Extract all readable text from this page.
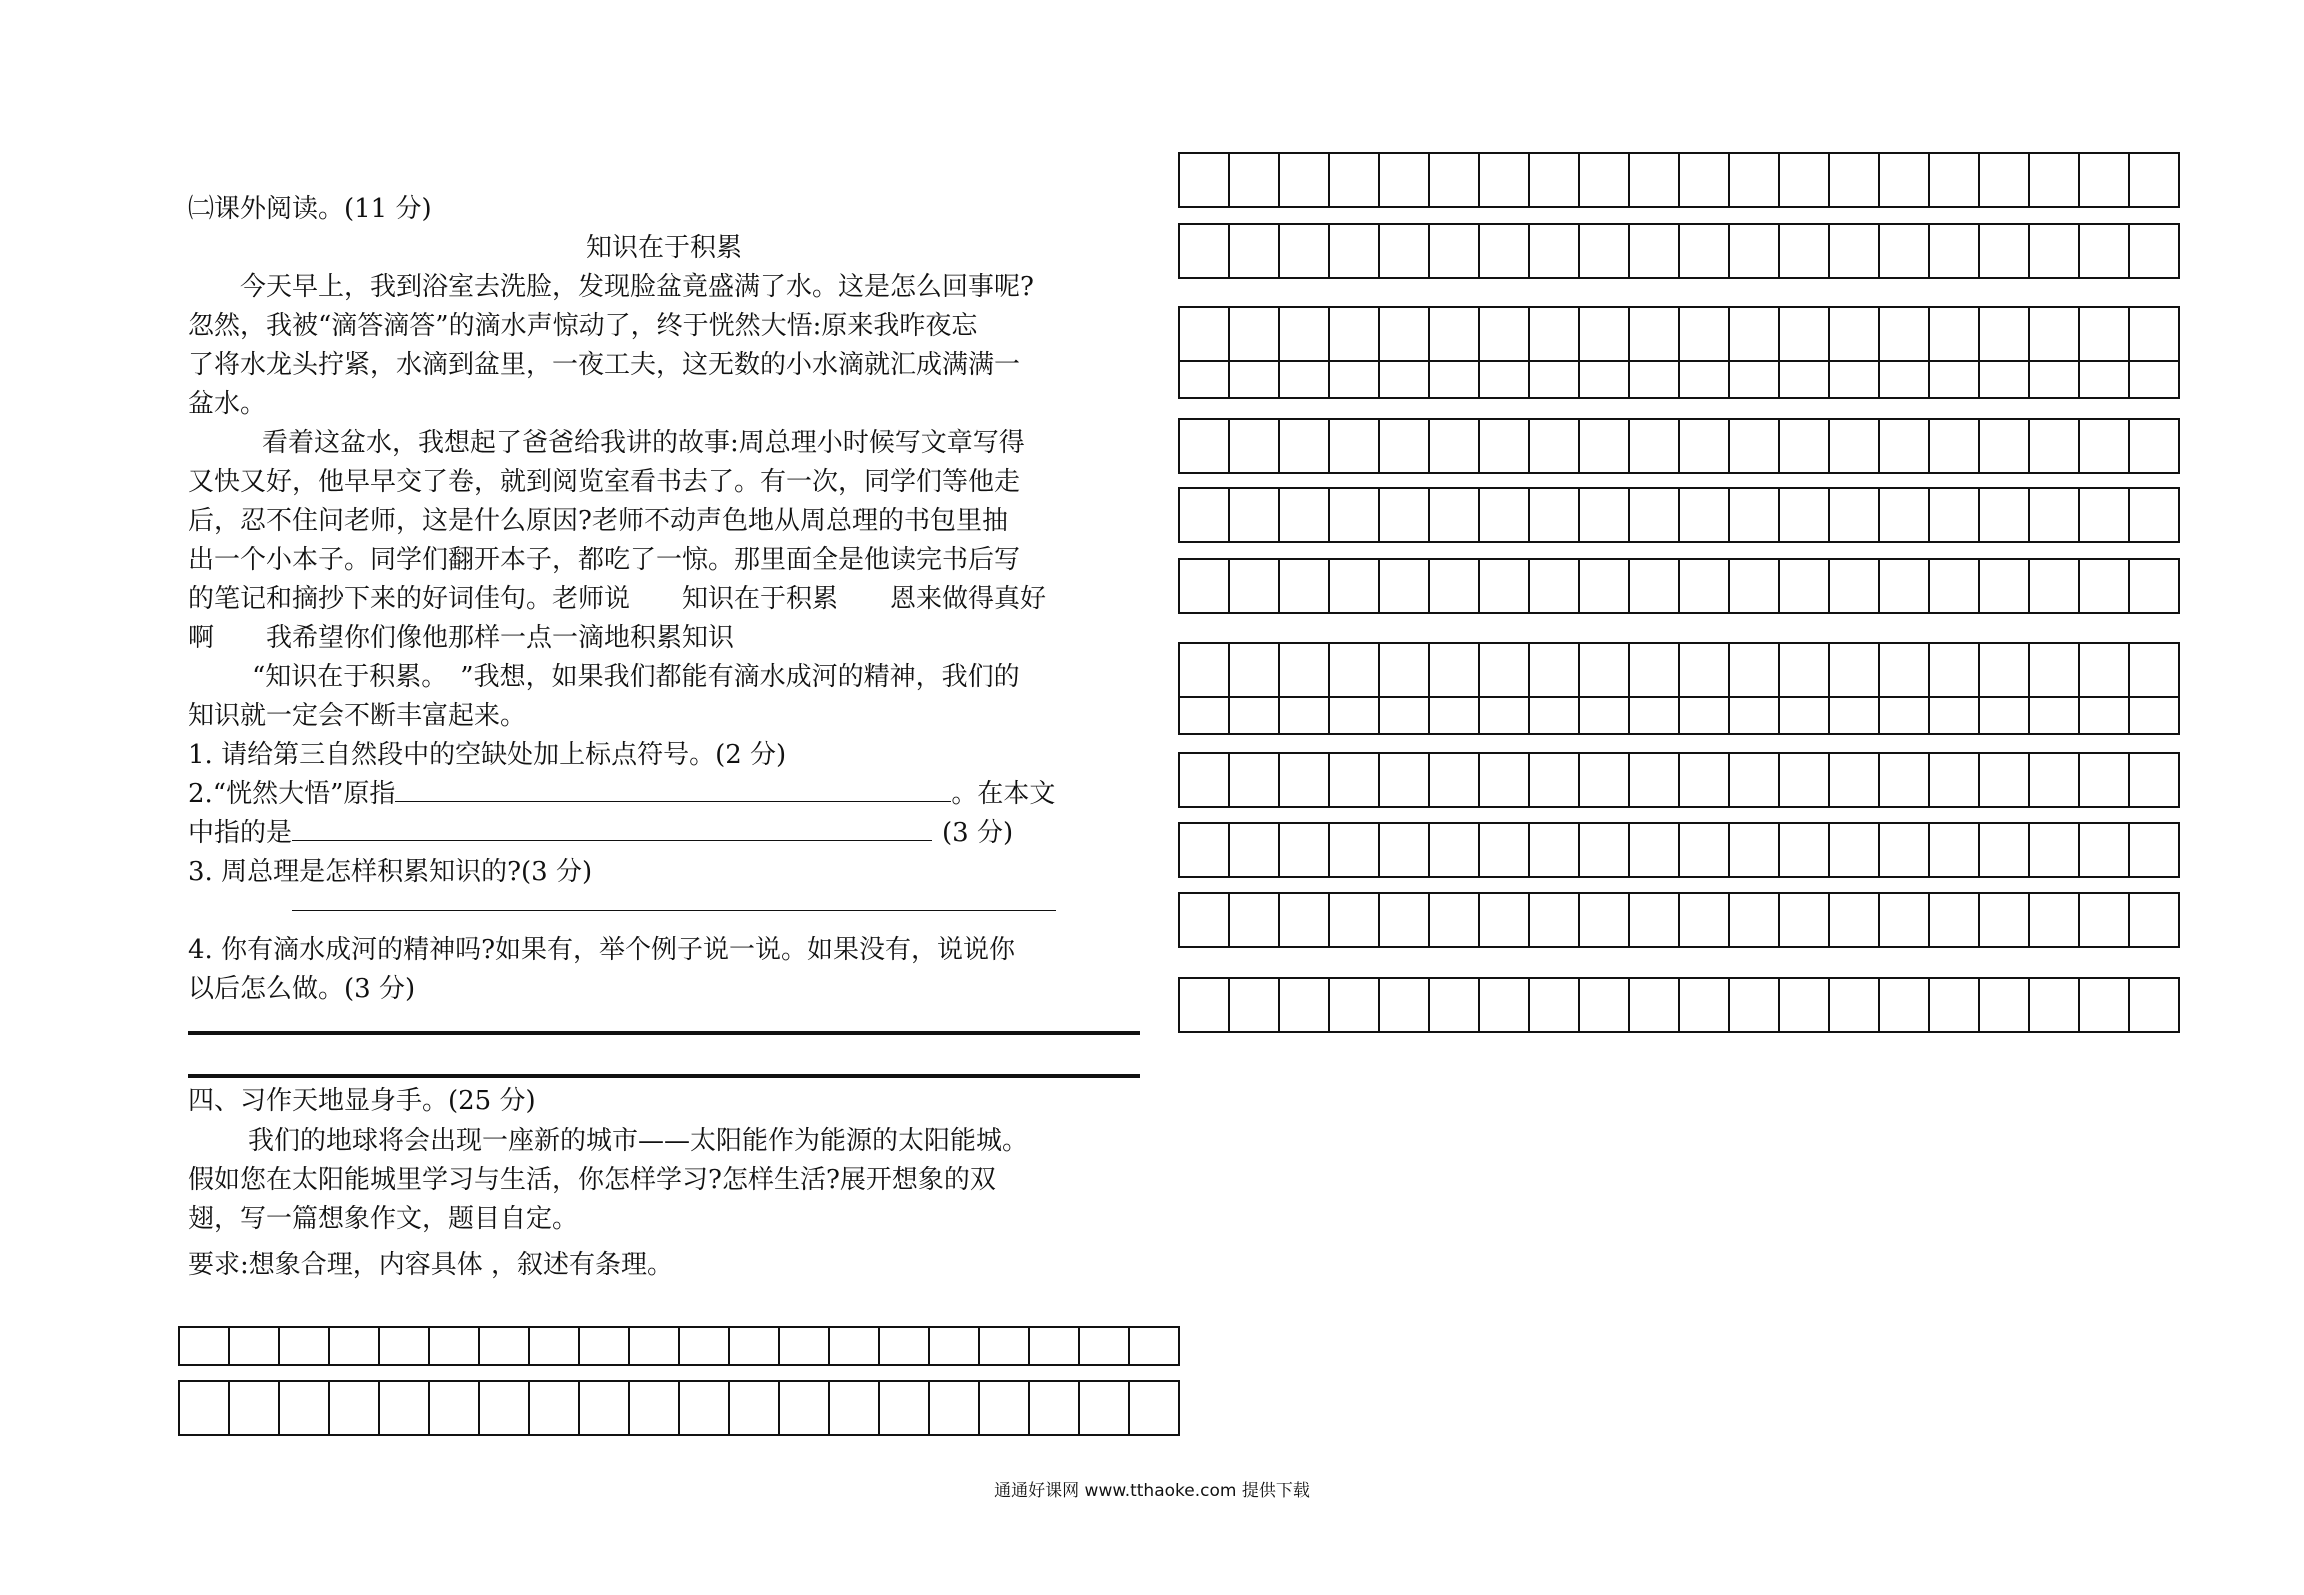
㈡课外阅读。(11 分)
知识在于积累
今天早上，我到浴室去洗脸，发现脸盆竟盛满了水。这是怎么回事呢?
忽然，我被“滴答滴答”的滴水声惊动了，终于恍然大悟:原来我昨夜忘
了将水龙头拧紧，水滴到盆里，一夜工夫，这无数的小水滴就汇成满满一
盆水。
看着这盆水，我想起了爸爸给我讲的故事:周总理小时候写文章写得
又快又好，他早早交了卷，就到阅览室看书去了。有一次，同学们等他走
后，忍不住问老师，这是什么原因?老师不动声色地从周总理的书包里抽
出一个小本子。同学们翻开本子，都吃了一惊。那里面全是他读完书后写
的笔记和摘抄下来的好词佳句。老师说　　知识在于积累　　恩来做得真好
啊　　我希望你们像他那样一点一滴地积累知识
“知识在于积累。　”我想，如果我们都能有滴水成河的精神，我们的
知识就一定会不断丰富起来。
1. 请给第三自然段中的空缺处加上标点符号。(2 分)
2.“恍然大悟”原指	。在本文
中指的是	(3 分)
3. 周总理是怎样积累知识的?(3 分)
4. 你有滴水成河的精神吗?如果有，举个例子说一说。如果没有，说说你
以后怎么做。(3 分)
四、习作天地显身手。(25 分)
我们的地球将会出现一座新的城市——太阳能作为能源的太阳能城。
假如您在太阳能城里学习与生活，你怎样学习?怎样生活?展开想象的双
翅，写一篇想象作文，题目自定。
要求:想象合理，内容具体 ，叙述有条理。

通通好课网 www.tthaoke.com 提供下载
